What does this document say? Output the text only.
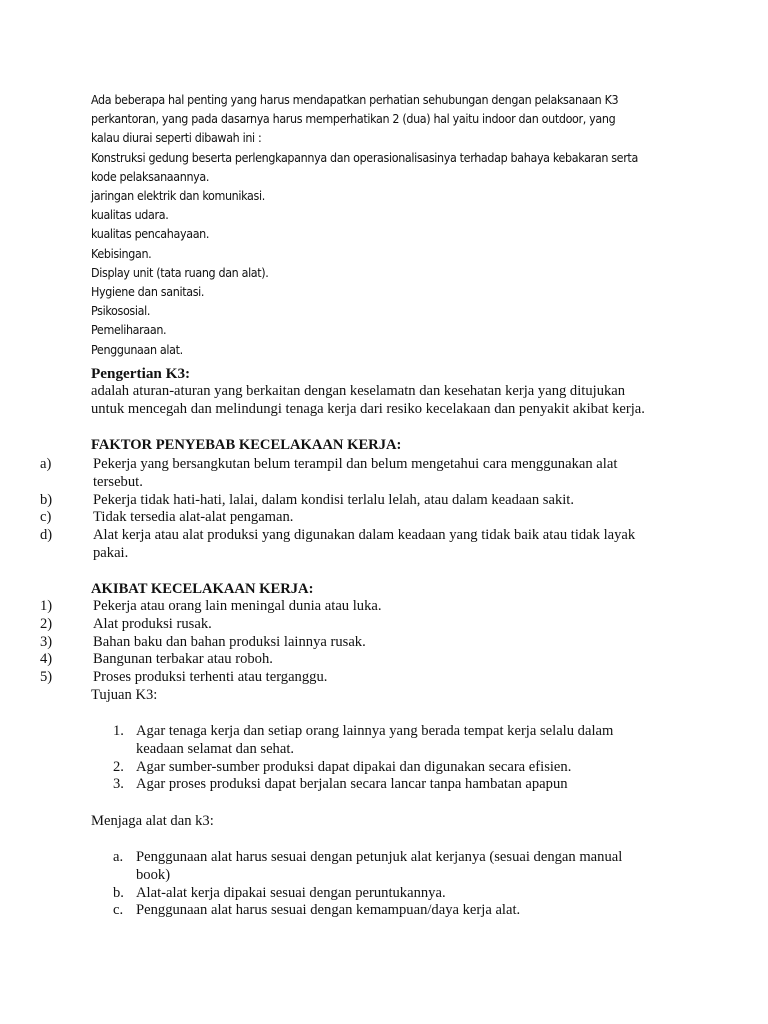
Ada beberapa hal penting yang harus mendapatkan perhatian sehubungan dengan pelaksanaan K3

perkantoran, yang pada dasarnya harus memperhatikan 2 (dua) hal yaitu indoor dan outdoor, yang

kalau diurai seperti dibawah ini :

Konstruksi gedung beserta perlengkapannya dan operasionalisasinya terhadap bahaya kebakaran serta

kode pelaksanaannya.

jaringan elektrik dan komunikasi.

kualitas udara.

kualitas pencahayaan.

Kebisingan.

Display unit (tata ruang dan alat).

Hygiene dan sanitasi.

Psikososial.

Pemeliharaan.

Penggunaan alat.

Pengertian K3:

adalah aturan-aturan yang berkaitan dengan keselamatn dan kesehatan kerja yang ditujukan

untuk mencegah dan melindungi tenaga kerja dari resiko kecelakaan dan penyakit akibat kerja.

FAKTOR PENYEBAB KECELAKAAN KERJA:

a)	Pekerja yang bersangkutan belum terampil dan belum mengetahui cara menggunakan alat
tersebut.
b)	Pekerja tidak hati-hati, lalai, dalam kondisi terlalu lelah, atau dalam keadaan sakit.
c)	Tidak tersedia alat-alat pengaman.
d)	Alat kerja atau alat produksi yang digunakan dalam keadaan yang tidak baik atau tidak layak
pakai.

AKIBAT KECELAKAAN KERJA:

1)	Pekerja atau orang lain meningal dunia atau luka.
2)	Alat produksi rusak.
3)	Bahan baku dan bahan produksi lainnya rusak.
4)	Bangunan terbakar atau roboh.
5)	Proses produksi terhenti atau terganggu.

Tujuan K3:

1. Agar tenaga kerja dan setiap orang lainnya yang berada tempat kerja selalu dalam
keadaan selamat dan sehat.
2. Agar sumber-sumber produksi dapat dipakai dan digunakan secara efisien.
3. Agar proses produksi dapat berjalan secara lancar tanpa hambatan apapun

Menjaga alat dan k3:

a. Penggunaan alat harus sesuai dengan petunjuk alat kerjanya (sesuai dengan manual
book)
b. Alat-alat kerja dipakai sesuai dengan peruntukannya.
c. Penggunaan alat harus sesuai dengan kemampuan/daya kerja alat.
